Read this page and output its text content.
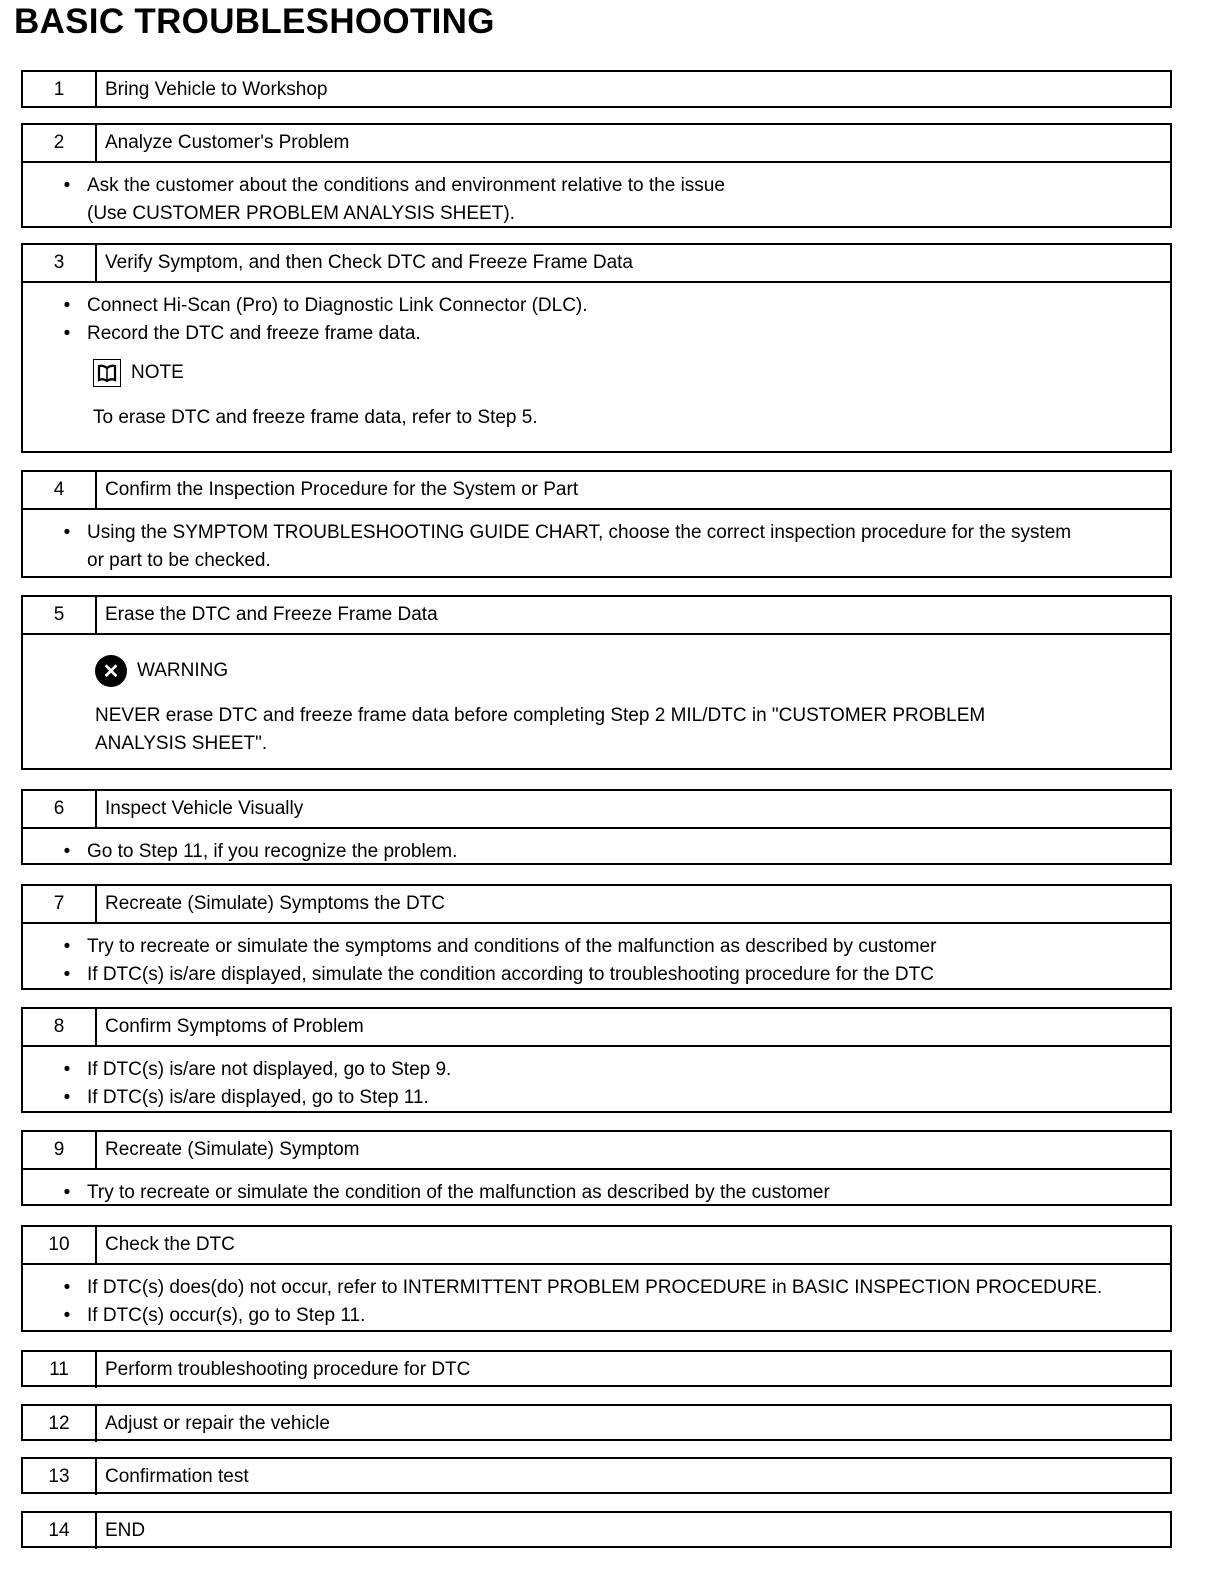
BASIC TROUBLESHOOTING
1	Bring Vehicle to Workshop
2	Analyze Customer's Problem
• Ask the customer about the conditions and environment relative to the issue
(Use CUSTOMER PROBLEM ANALYSIS SHEET).
3	Verify Symptom, and then Check DTC and Freeze Frame Data
• Connect Hi-Scan (Pro) to Diagnostic Link Connector (DLC).
• Record the DTC and freeze frame data.
NOTE
To erase DTC and freeze frame data, refer to Step 5.
4	Confirm the Inspection Procedure for the System or Part
• Using the SYMPTOM TROUBLESHOOTING GUIDE CHART, choose the correct inspection procedure for the system
or part to be checked.
5	Erase the DTC and Freeze Frame Data
✕ WARNING
NEVER erase DTC and freeze frame data before completing Step 2 MIL/DTC in "CUSTOMER PROBLEM ANALYSIS SHEET".
6	Inspect Vehicle Visually
• Go to Step 11, if you recognize the problem.
7	Recreate (Simulate) Symptoms the DTC
• Try to recreate or simulate the symptoms and conditions of the malfunction as described by customer
• If DTC(s) is/are displayed, simulate the condition according to troubleshooting procedure for the DTC
8	Confirm Symptoms of Problem
• If DTC(s) is/are not displayed, go to Step 9.
• If DTC(s) is/are displayed, go to Step 11.
9	Recreate (Simulate) Symptom
• Try to recreate or simulate the condition of the malfunction as described by the customer
10	Check the DTC
• If DTC(s) does(do) not occur, refer to INTERMITTENT PROBLEM PROCEDURE in BASIC INSPECTION PROCEDURE.
• If DTC(s) occur(s), go to Step 11.
11	Perform troubleshooting procedure for DTC
12	Adjust or repair the vehicle
13	Confirmation test
14	END
